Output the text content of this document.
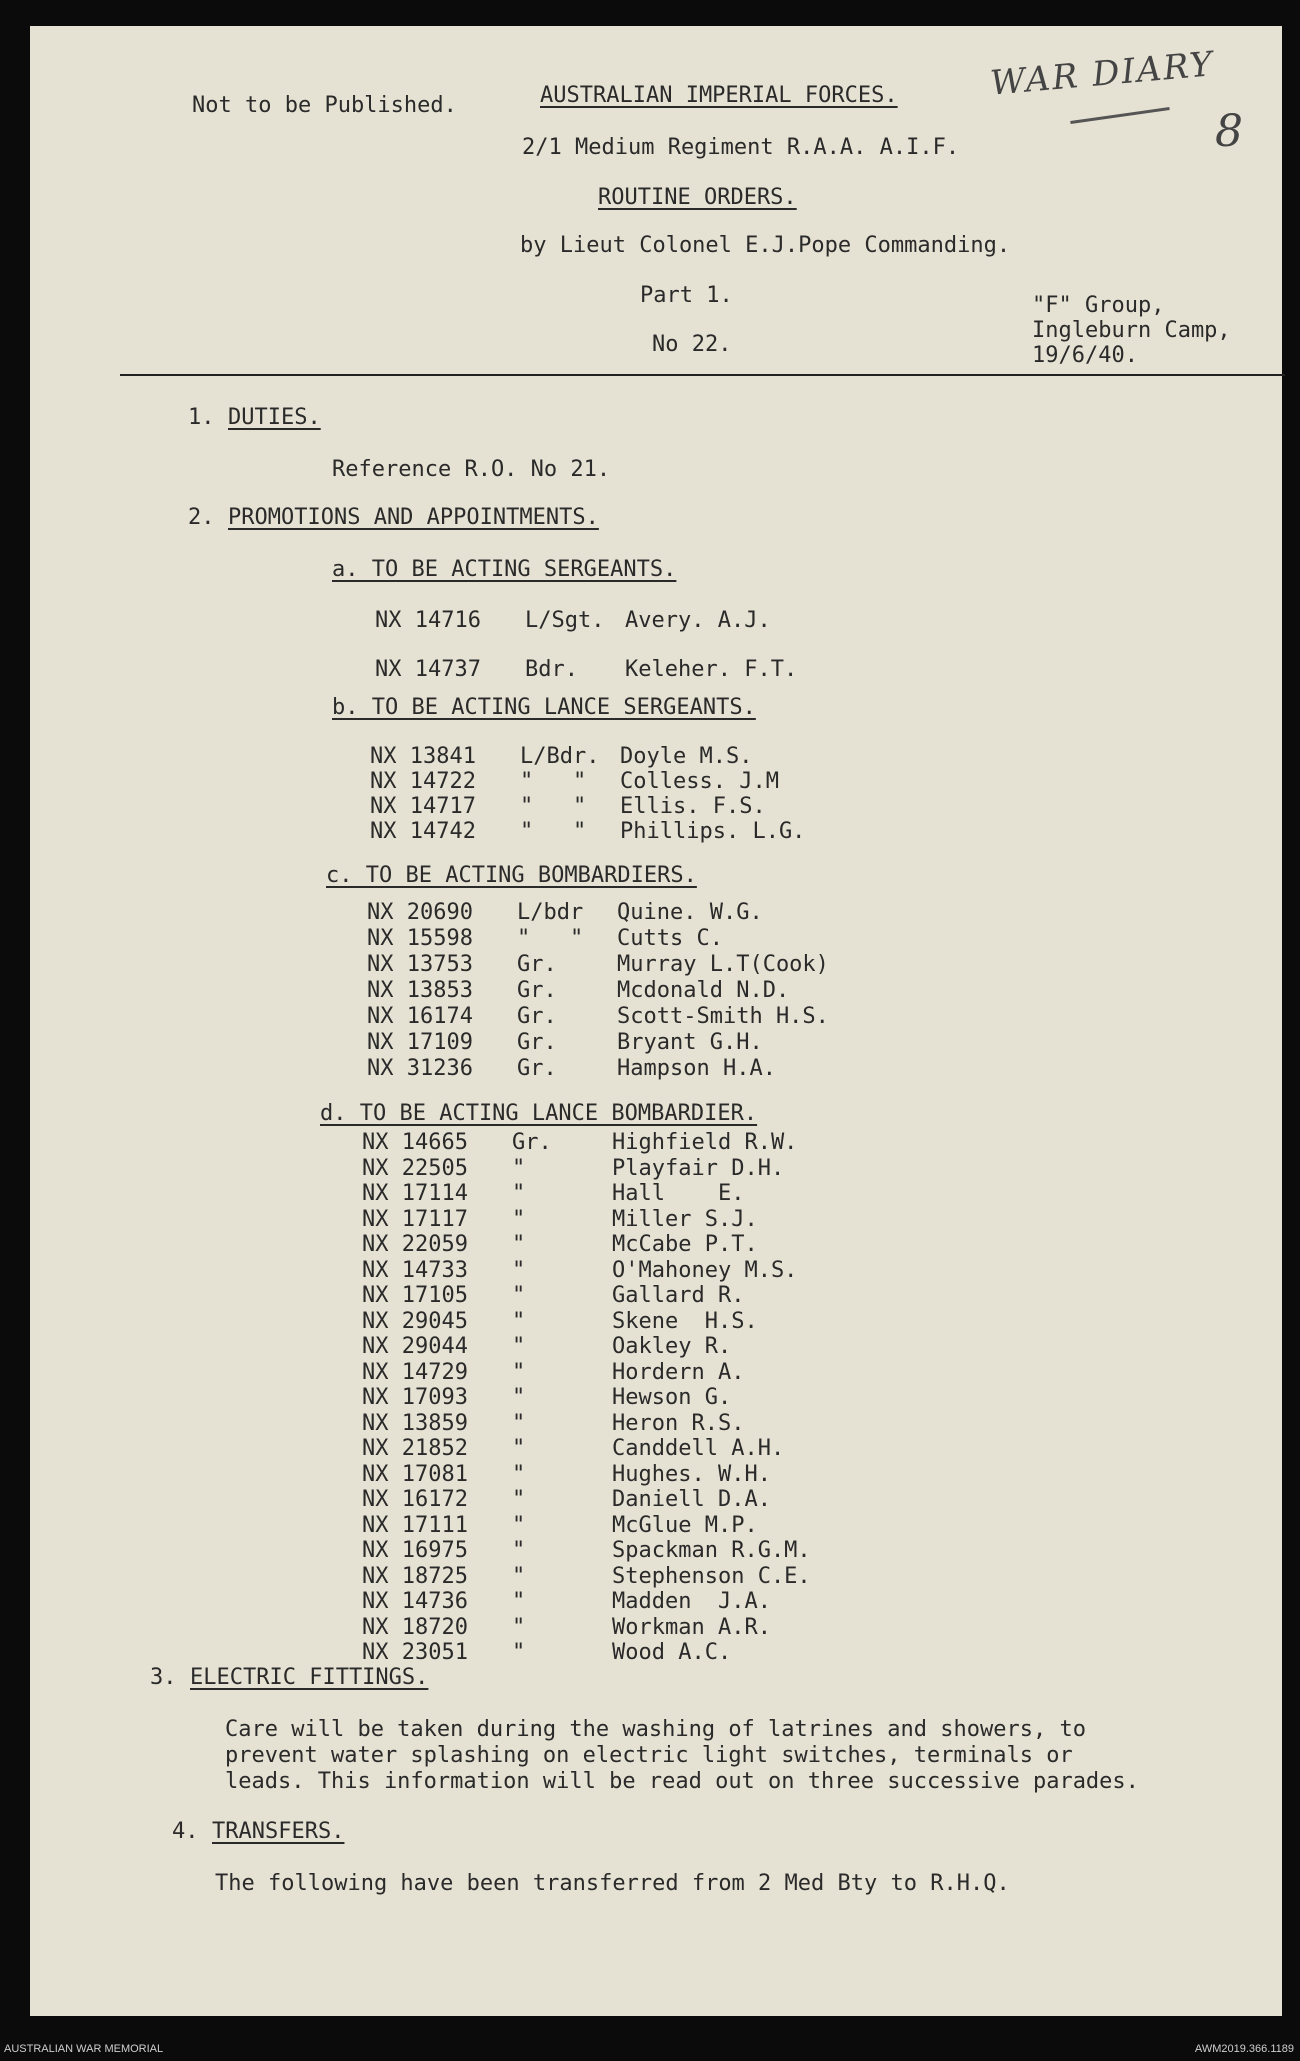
WAR DIARY
8
Not to be Published.	AUSTRALIAN IMPERIAL FORCES.
2/1 Medium Regiment R.A.A. A.I.F.
ROUTINE ORDERS.
by Lieut Colonel E.J.Pope Commanding.
Part 1.
No 22.
"F" Group,
Ingleburn Camp,
19/6/40.
1. DUTIES.
Reference R.O. No 21.
2. PROMOTIONS AND APPOINTMENTS.
a. TO BE ACTING SERGEANTS.
NX 14716 L/Sgt. Avery. A.J.
NX 14737 Bdr. Keleher. F.T.
b. TO BE ACTING LANCE SERGEANTS.
NX 13841 L/Bdr. Doyle M.S.
NX 14722 "   " Colless. J.M
NX 14717 "   " Ellis. F.S.
NX 14742 "   " Phillips. L.G.
c. TO BE ACTING BOMBARDIERS.
NX 20690 L/bdr Quine. W.G.
NX 15598 "   " Cutts C.
NX 13753 Gr.	Murray L.T(Cook)
NX 13853 Gr.	Mcdonald N.D.
NX 16174 Gr.	Scott-Smith H.S.
NX 17109 Gr.	Bryant G.H.
NX 31236 Gr.	Hampson H.A.
d. TO BE ACTING LANCE BOMBARDIER.
NX 14665 Gr.	Highfield R.W.
NX 22505 "	Playfair D.H.
NX 17114 "	Hall    E.
NX 17117 "	Miller S.J.
NX 22059 "	McCabe P.T.
NX 14733 "	O'Mahoney M.S.
NX 17105 "	Gallard R.
NX 29045 "	Skene  H.S.
NX 29044 "	Oakley R.
NX 14729 "	Hordern A.
NX 17093 "	Hewson G.
NX 13859 "	Heron R.S.
NX 21852 "	Canddell A.H.
NX 17081 "	Hughes. W.H.
NX 16172 "	Daniell D.A.
NX 17111 "	McGlue M.P.
NX 16975 "	Spackman R.G.M.
NX 18725 "	Stephenson C.E.
NX 14736 "	Madden  J.A.
NX 18720 "	Workman A.R.
NX 23051 "	Wood A.C.
3. ELECTRIC FITTINGS.
Care will be taken during the washing of latrines and showers, to
prevent water splashing on electric light switches, terminals or
leads. This information will be read out on three successive parades.
4. TRANSFERS.
The following have been transferred from 2 Med Bty to R.H.Q.
AUSTRALIAN WAR MEMORIAL	AWM2019.366.1189
